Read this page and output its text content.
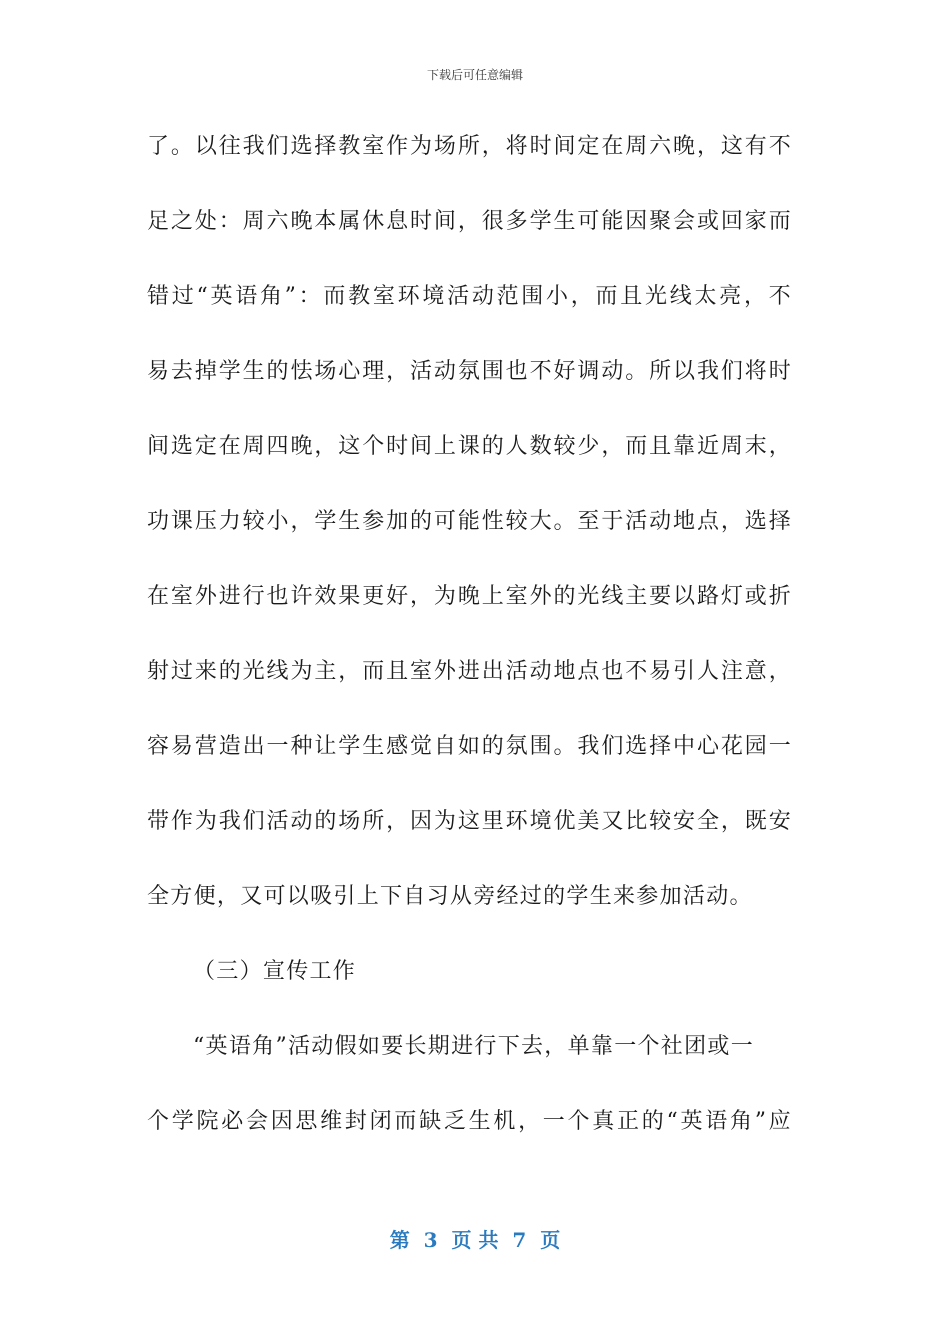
下载后可任意编辑
了。以往我们选择教室作为场所，将时间定在周六晚，这有不
足之处：周六晚本属休息时间，很多学生可能因聚会或回家而
错过“英语角”：而教室环境活动范围小，而且光线太亮，不
易去掉学生的怯场心理，活动氛围也不好调动。所以我们将时
间选定在周四晚，这个时间上课的人数较少，而且靠近周末，
功课压力较小，学生参加的可能性较大。至于活动地点，选择
在室外进行也许效果更好，为晚上室外的光线主要以路灯或折
射过来的光线为主，而且室外进出活动地点也不易引人注意，
容易营造出一种让学生感觉自如的氛围。我们选择中心花园一
带作为我们活动的场所，因为这里环境优美又比较安全，既安
全方便，又可以吸引上下自习从旁经过的学生来参加活动。
（三）宣传工作
“英语角”活动假如要长期进行下去，单靠一个社团或一
个学院必会因思维封闭而缺乏生机，一个真正的“英语角”应
第  3  页 共  7  页
